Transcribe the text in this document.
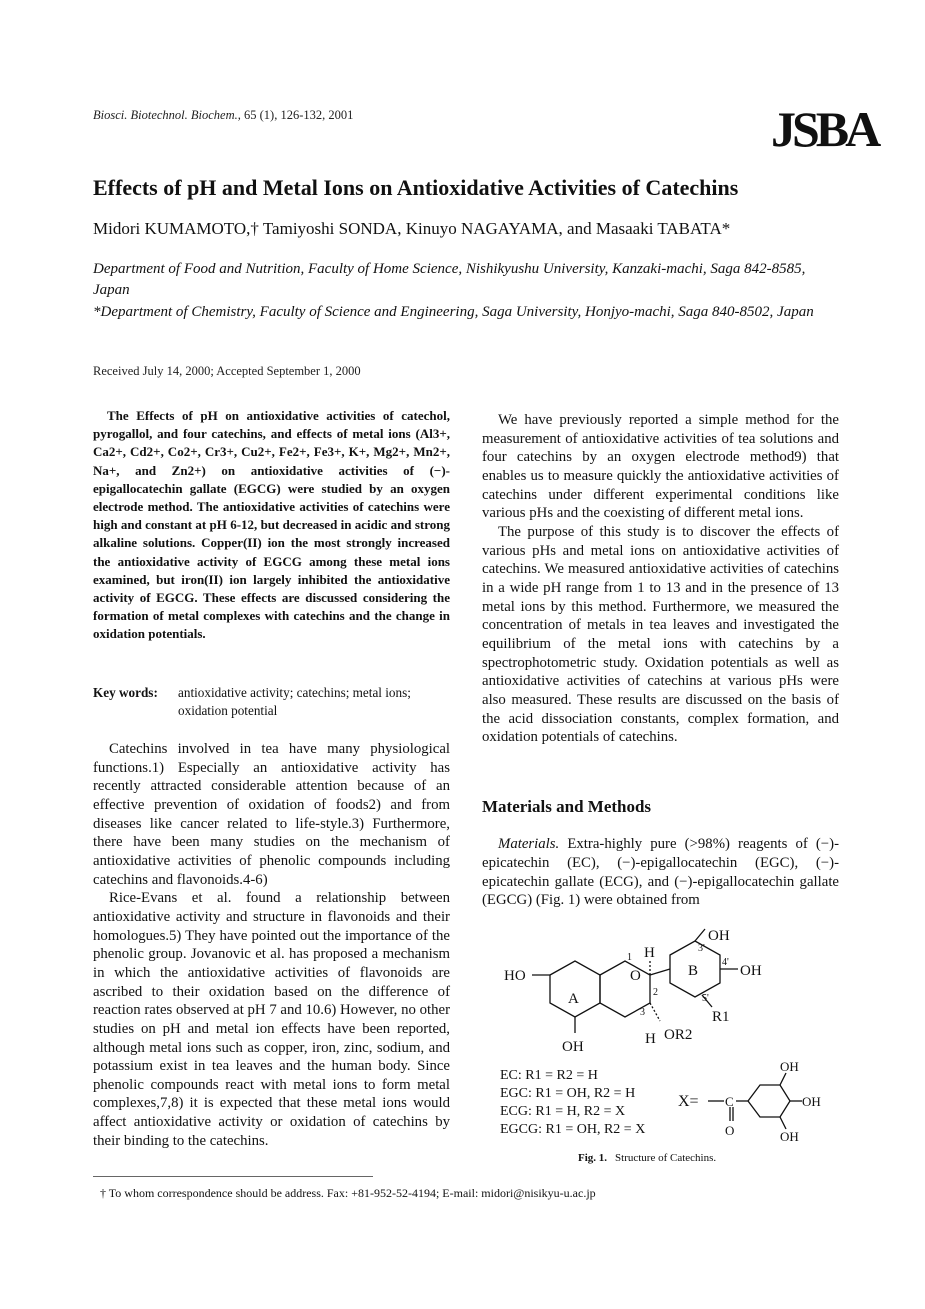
Biosci. Biotechnol. Biochem., 65 (1), 126-132, 2001	JSBA
Effects of pH and Metal Ions on Antioxidative Activities of Catechins
Midori KUMAMOTO,† Tamiyoshi SONDA, Kinuyo NAGAYAMA, and Masaaki TABATA*
Department of Food and Nutrition, Faculty of Home Science, Nishikyushu University, Kanzaki-machi, Saga 842-8585, Japan
*Department of Chemistry, Faculty of Science and Engineering, Saga University, Honjyo-machi, Saga 840-8502, Japan
Received July 14, 2000; Accepted September 1, 2000
The Effects of pH on antioxidative activities of catechol, pyrogallol, and four catechins, and effects of metal ions (Al3+, Ca2+, Cd2+, Co2+, Cr3+, Cu2+, Fe2+, Fe3+, K+, Mg2+, Mn2+, Na+, and Zn2+) on antioxidative activities of (−)-epigallocatechin gallate (EGCG) were studied by an oxygen electrode method. The antioxidative activities of catechins were high and constant at pH 6-12, but decreased in acidic and strong alkaline solutions. Copper(II) ion the most strongly increased the antioxidative activity of EGCG among these metal ions examined, but iron(II) ion largely inhibited the antioxidative activity of EGCG. These effects are discussed considering the formation of metal complexes with catechins and the change in oxidation potentials.
Key words: antioxidative activity; catechins; metal ions; oxidation potential

Catechins involved in tea have many physiological functions.1) Especially an antioxidative activity has recently attracted considerable attention because of an effective prevention of oxidation of foods2) and from diseases like cancer related to life-style.3) Furthermore, there have been many studies on the mechanism of antioxidative activities of phenolic compounds including catechins and flavonoids.4-6)

Rice-Evans et al. found a relationship between antioxidative activity and structure in flavonoids and their homologues.5) They have pointed out the importance of the phenolic group. Jovanovic et al. has proposed a mechanism in which the antioxidative activities of flavonoids are ascribed to their oxidation based on the difference of reaction rates observed at pH 7 and 10.6) However, no other studies on pH and metal ion effects have been reported, although metal ions such as copper, iron, zinc, sodium, and potassium exist in tea leaves and the human body. Since phenolic compounds react with metal ions to form metal complexes,7,8) it is expected that these metal ions would affect antioxidative activity or oxidation of catechins by their binding to the catechins.

We have previously reported a simple method for the measurement of antioxidative activities of tea solutions and four catechins by an oxygen electrode method9) that enables us to measure quickly the antioxidative activities of catechins under different experimental conditions like various pHs and the coexisting of different metal ions.

The purpose of this study is to discover the effects of various pHs and metal ions on antioxidative activities of catechins. We measured antioxidative activities of catechins in a wide pH range from 1 to 13 and in the presence of 13 metal ions by this method. Furthermore, we measured the concentration of metals in tea leaves and investigated the equilibrium of the metal ions with catechins by a spectrophotometric study. Oxidation potentials as well as antioxidative activities of catechins at various pHs were also measured. These results are discussed on the basis of the acid dissociation constants, complex formation, and oxidation potentials of catechins.

Materials and Methods
Materials. Extra-highly pure (>98%) reagents of (−)-epicatechin (EC), (−)-epigallocatechin (EGC), (−)-epicatechin gallate (ECG), and (−)-epigallocatechin gallate (EGCG) (Fig. 1) were obtained from
HO
OH
O
H
H
A
B
OH
OH
R1
OR2
X= C
O
OH
OH
OH
1
2
3
3'
4'
5'
EC: R1 = R2 = H
EGC: R1 = OH, R2 = H
ECG: R1 = H, R2 = X
EGCG: R1 = OH, R2 = X
Fig. 1. Structure of Catechins.
† To whom correspondence should be address. Fax: +81-952-52-4194; E-mail: midori@nisikyu-u.ac.jp
